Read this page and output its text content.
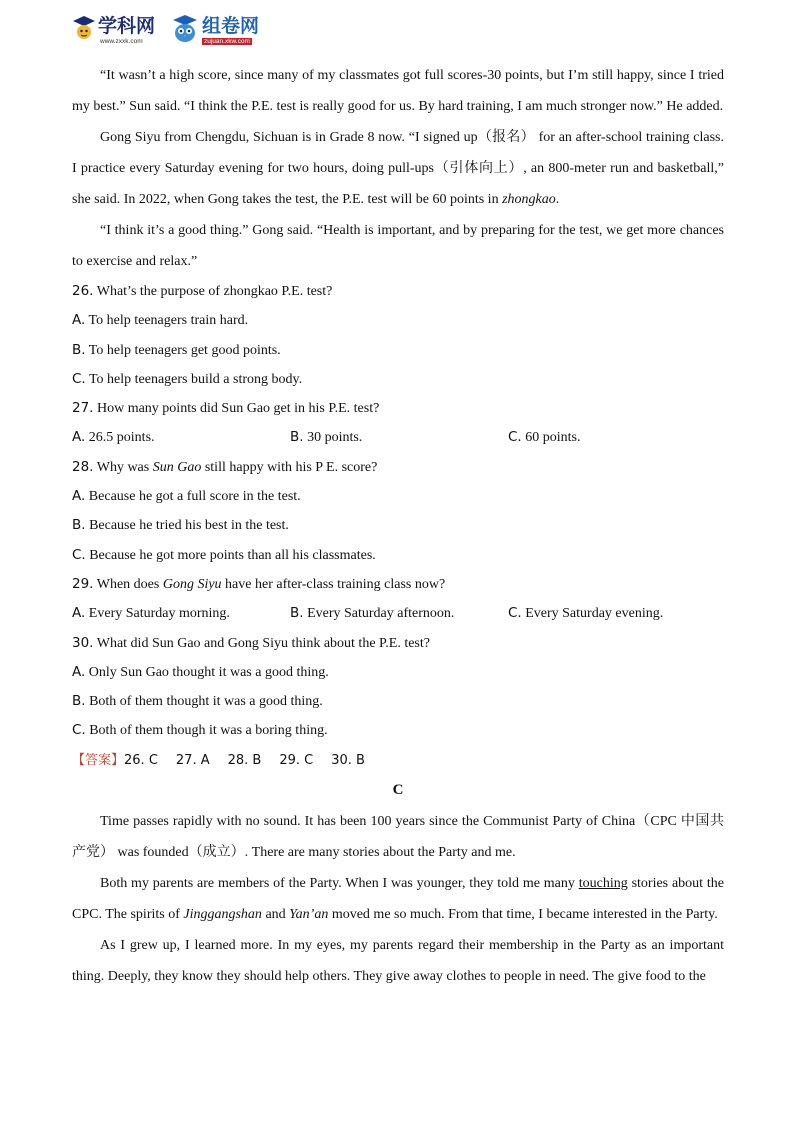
学科网
www.zxxk.com
组卷网
zujuan.xkw.com

“It wasn’t a high score, since many of my classmates got full scores-30 points, but I’m still happy, since I tried my best.” Sun said. “I think the P.E. test is really good for us. By hard training, I am much stronger now.” He added.

Gong Siyu from Chengdu, Sichuan is in Grade 8 now. “I signed up（报名） for an after-school training class. I practice every Saturday evening for two hours, doing pull-ups（引体向上）, an 800-meter run and basketball,” she said. In 2022, when Gong takes the test, the P.E. test will be 60 points in zhongkao.

“I think it’s a good thing.” Gong said. “Health is important, and by preparing for the test, we get more chances to exercise and relax.”

26. What’s the purpose of zhongkao P.E. test?
A. To help teenagers train hard.
B. To help teenagers get good points.
C. To help teenagers build a strong body.
27. How many points did Sun Gao get in his P.E. test?
A. 26.5 points.	B. 30 points.	C. 60 points.
28. Why was Sun Gao still happy with his P E. score?
A. Because he got a full score in the test.
B. Because he tried his best in the test.
C. Because he got more points than all his classmates.
29. When does Gong Siyu have her after-class training class now?
A. Every Saturday morning.	B. Every Saturday afternoon.	C. Every Saturday evening.
30. What did Sun Gao and Gong Siyu think about the P.E. test?
A. Only Sun Gao thought it was a good thing.
B. Both of them thought it was a good thing.
C. Both of them though it was a boring thing.
【答案】26. C 27. A 28. B 29. C 30. B
C

Time passes rapidly with no sound. It has been 100 years since the Communist Party of China（CPC 中国共产党） was founded（成立）. There are many stories about the Party and me.

Both my parents are members of the Party. When I was younger, they told me many touching stories about the CPC. The spirits of Jinggangshan and Yan’an moved me so much. From that time, I became interested in the Party.

As I grew up, I learned more. In my eyes, my parents regard their membership in the Party as an important thing. Deeply, they know they should help others. They give away clothes to people in need. The give food to the
